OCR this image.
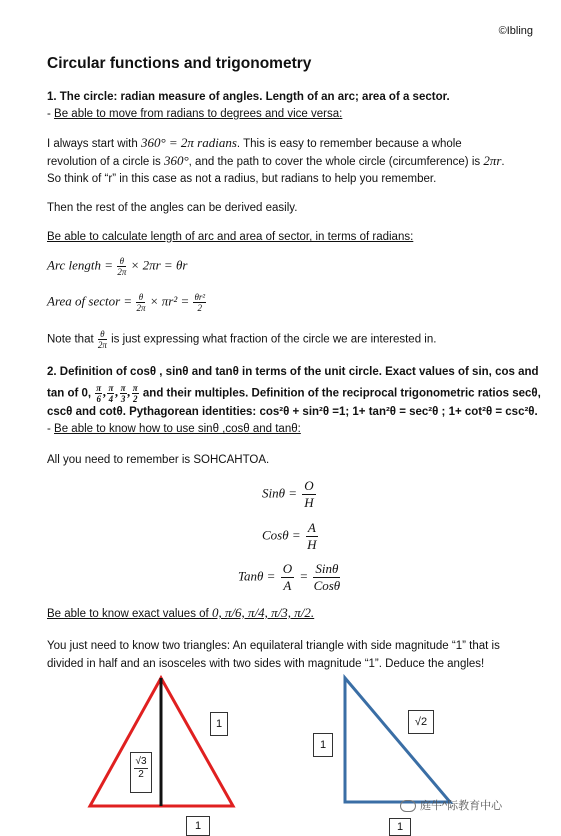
©Ibling
Circular functions and trigonometry
1. The circle: radian measure of angles. Length of an arc; area of a sector.
- Be able to move from radians to degrees and vice versa:
I always start with 360° = 2π radians. This is easy to remember because a whole
revolution of a circle is 360°, and the path to cover the whole circle (circumference) is 2πr.
So think of “r” in this case as not a radius, but radians to help you remember.
Then the rest of the angles can be derived easily.
Be able to calculate length of arc and area of sector, in terms of radians:
Arc length = $\frac{\theta}{2\pi} \times 2\pi r = \theta r$
Area of sector = $\frac{\theta}{2\pi} \times \pi r^2 = \frac{\text{θr²}}{2}$
Note that $\frac{\theta}{2\pi}$ is just expressing what fraction of the circle we are interested in.
2. Definition of cosθ , sinθ and tanθ in terms of the unit circle. Exact values of sin, cos and
tan of 0, $\frac{\pi}{6}$ , $\frac{\pi}{4}$ , $\frac{\pi}{3}$ , $\frac{\pi}{2}$ and their multiples. Definition of the reciprocal trigonometric ratios secθ,
cscθ and cotθ. Pythagorean identities: cos²θ + sin²θ =1; 1+ tan²θ = sec²θ ; 1+ cot²θ = csc²θ.
- Be able to know how to use sinθ ,cosθ and tanθ:
All you need to remember is SOHCAHTOA.
$Sin\theta = \frac{O}{H}$
$Cos\theta = \frac{A}{H}$
$Tan\theta = \frac{O}{A} = Sin\theta$
Cosθ
Be able to know exact values of 0, π/6, π/4, π/3, π/2.
You just need to know two triangles: An equilateral triangle with side magnitude “1” that is
divided in half and an isosceles with two sides with magnitude “1”. Deduce the angles!
1
√3
2
1
1
√2
1
庭牛^际教育中心
